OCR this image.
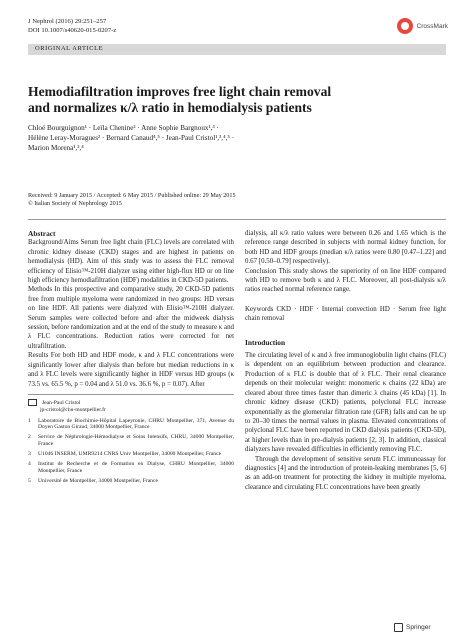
J Nephrol (2016) 29:251–257
DOI 10.1007/s40620-015-0207-z
CrossMark
ORIGINAL ARTICLE
Hemodiafiltration improves free light chain removal
and normalizes κ/λ ratio in hemodialysis patients
Chloé Bourguignon¹ · Leïla Chenine² · Anne Sophie Bargnoux¹,³ ·
Hélène Leray-Moragues² · Bernard Canaud⁴,⁵ · Jean-Paul Cristol¹,³,⁴,⁵ ·
Marion Morena¹,³,⁴
Received: 9 January 2015 / Accepted: 6 May 2015 / Published online: 29 May 2015
© Italian Society of Nephrology 2015

Abstract

Background/Aims Serum free light chain (FLC) levels are correlated with chronic kidney disease (CKD) stages and are highest in patients on hemodialysis (HD). Aim of this study was to assess the FLC removal efficiency of Elisio™-210H dialyzer using either high-flux HD or on line high efficiency hemodiafiltration (HDF) modalities in CKD-5D patients.

Methods In this prospective and comparative study, 20 CKD-5D patients free from multiple myeloma were randomized in two groups: HD versus on line HDF. All patients were dialyzed with Elisio™-210H dialyzer. Serum samples were collected before and after the midweek dialysis session, before randomization and at the end of the study to measure κ and λ FLC concentrations. Reduction ratios were corrected for net ultrafiltration.

Results For both HD and HDF mode, κ and λ FLC concentrations were significantly lower after dialysis than before but median reductions in κ and λ FLC levels were significantly higher in HDF versus HD groups (κ 73.5 vs. 65.5 %, p = 0.04 and λ 51.0 vs. 36.6 %, p = 0.07). After

Jean-Paul Cristol
jp-cristol@chu-montpellier.fr
1	Laboratoire de Biochimie-Hôpital Lapeyronie, CHRU Montpellier, 371, Avenue du Doyen Gaston Giraud, 34000 Montpellier, France
2	Service de Néphrologie-Hémodialyse et Soins Intensifs, CHRU, 34000 Montpellier, France
3	U1046 INSERM, UMR9214 CNRS Univ Montpellier, 34000 Montpellier, France
4	Institut de Recherche et de Formation en Dialyse, CHRU Montpellier, 34000 Montpellier, France
5	Université de Montpellier, 34000 Montpellier, France

dialysis, all κ/λ ratio values were between 0.26 and 1.65 which is the reference range described in subjects with normal kidney function, for both HD and HDF groups (median κ/λ ratios were 0.80 [0.47–1.22] and 0.67 [0.50–0.79] respectively).

Conclusion This study shows the superiority of on line HDF compared with HD to remove both κ and λ FLC. Moreover, all post-dialysis κ/λ ratios reached normal reference range.

Keywords CKD · HDF · Internal convection HD · Serum free light chain removal

Introduction

The circulating level of κ and λ free immunoglobulin light chains (FLC) is dependent on an equilibrium between production and clearance. Production of κ FLC is double that of λ FLC. Their renal clearance depends on their molecular weight: monomeric κ chains (22 kDa) are cleared about three times faster than dimeric λ chains (45 kDa) [1]. In chronic kidney disease (CKD) patients, polyclonal FLC increase exponentially as the glomerular filtration rate (GFR) falls and can be up to 20–30 times the normal values in plasma. Elevated concentrations of polyclonal FLC have been reported in CKD dialysis patients (CKD-5D), at higher levels than in pre-dialysis patients [2, 3]. In addition, classical dialyzers have revealed difficulties in efficiently removing FLC.

Through the development of sensitive serum FLC immunoassay for diagnostics [4] and the introduction of protein-leaking membranes [5, 6] as an add-on treatment for protecting the kidney in multiple myeloma, clearance and circulating FLC concentrations have been greatly

Springer
